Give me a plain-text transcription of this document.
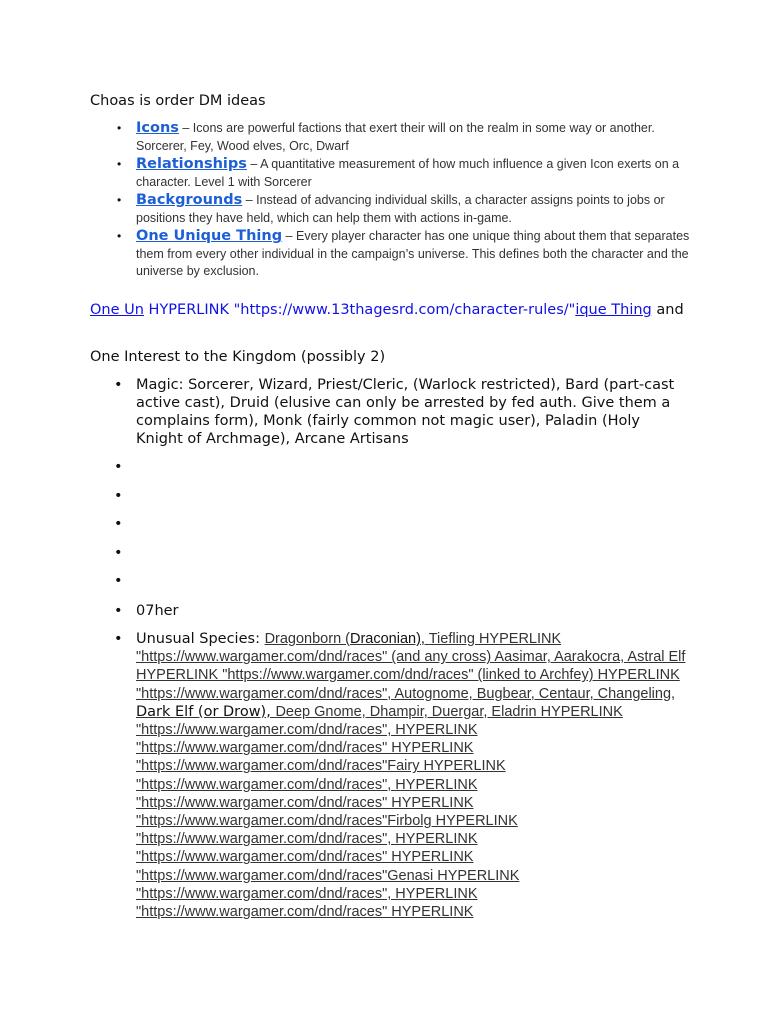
Choas is order DM ideas

• Icons – Icons are powerful factions that exert their will on the realm in some way or another. Sorcerer, Fey, Wood elves, Orc, Dwarf
• Relationships – A quantitative measurement of how much influence a given Icon exerts on a character. Level 1 with Sorcerer
• Backgrounds – Instead of advancing individual skills, a character assigns points to jobs or positions they have held, which can help them with actions in-game.
• One Unique Thing – Every player character has one unique thing about them that separates them from every other individual in the campaign’s universe. This defines both the character and the universe by exclusion.

One Un HYPERLINK "https://www.13thagesrd.com/character-rules/"ique Thing and

One Interest to the Kingdom (possibly 2)

• Magic: Sorcerer, Wizard, Priest/Cleric, (Warlock restricted), Bard (part-cast active cast), Druid (elusive can only be arrested by fed auth. Give them a complains form), Monk (fairly common not magic user), Paladin (Holy Knight of Archmage), Arcane Artisans
•
•
•
•
•
• 07her
• Unusual Species: Dragonborn (Draconian), Tiefling HYPERLINK "https://www.wargamer.com/dnd/races" (and any cross) Aasimar, Aarakocra, Astral Elf HYPERLINK "https://www.wargamer.com/dnd/races" (linked to Archfey) HYPERLINK "https://www.wargamer.com/dnd/races", Autognome, Bugbear, Centaur, Changeling, Dark Elf (or Drow), Deep Gnome, Dhampir, Duergar, Eladrin HYPERLINK "https://www.wargamer.com/dnd/races", HYPERLINK "https://www.wargamer.com/dnd/races" HYPERLINK "https://www.wargamer.com/dnd/races"Fairy HYPERLINK "https://www.wargamer.com/dnd/races", HYPERLINK "https://www.wargamer.com/dnd/races" HYPERLINK "https://www.wargamer.com/dnd/races"Firbolg HYPERLINK "https://www.wargamer.com/dnd/races", HYPERLINK "https://www.wargamer.com/dnd/races" HYPERLINK "https://www.wargamer.com/dnd/races"Genasi HYPERLINK "https://www.wargamer.com/dnd/races", HYPERLINK "https://www.wargamer.com/dnd/races" HYPERLINK
